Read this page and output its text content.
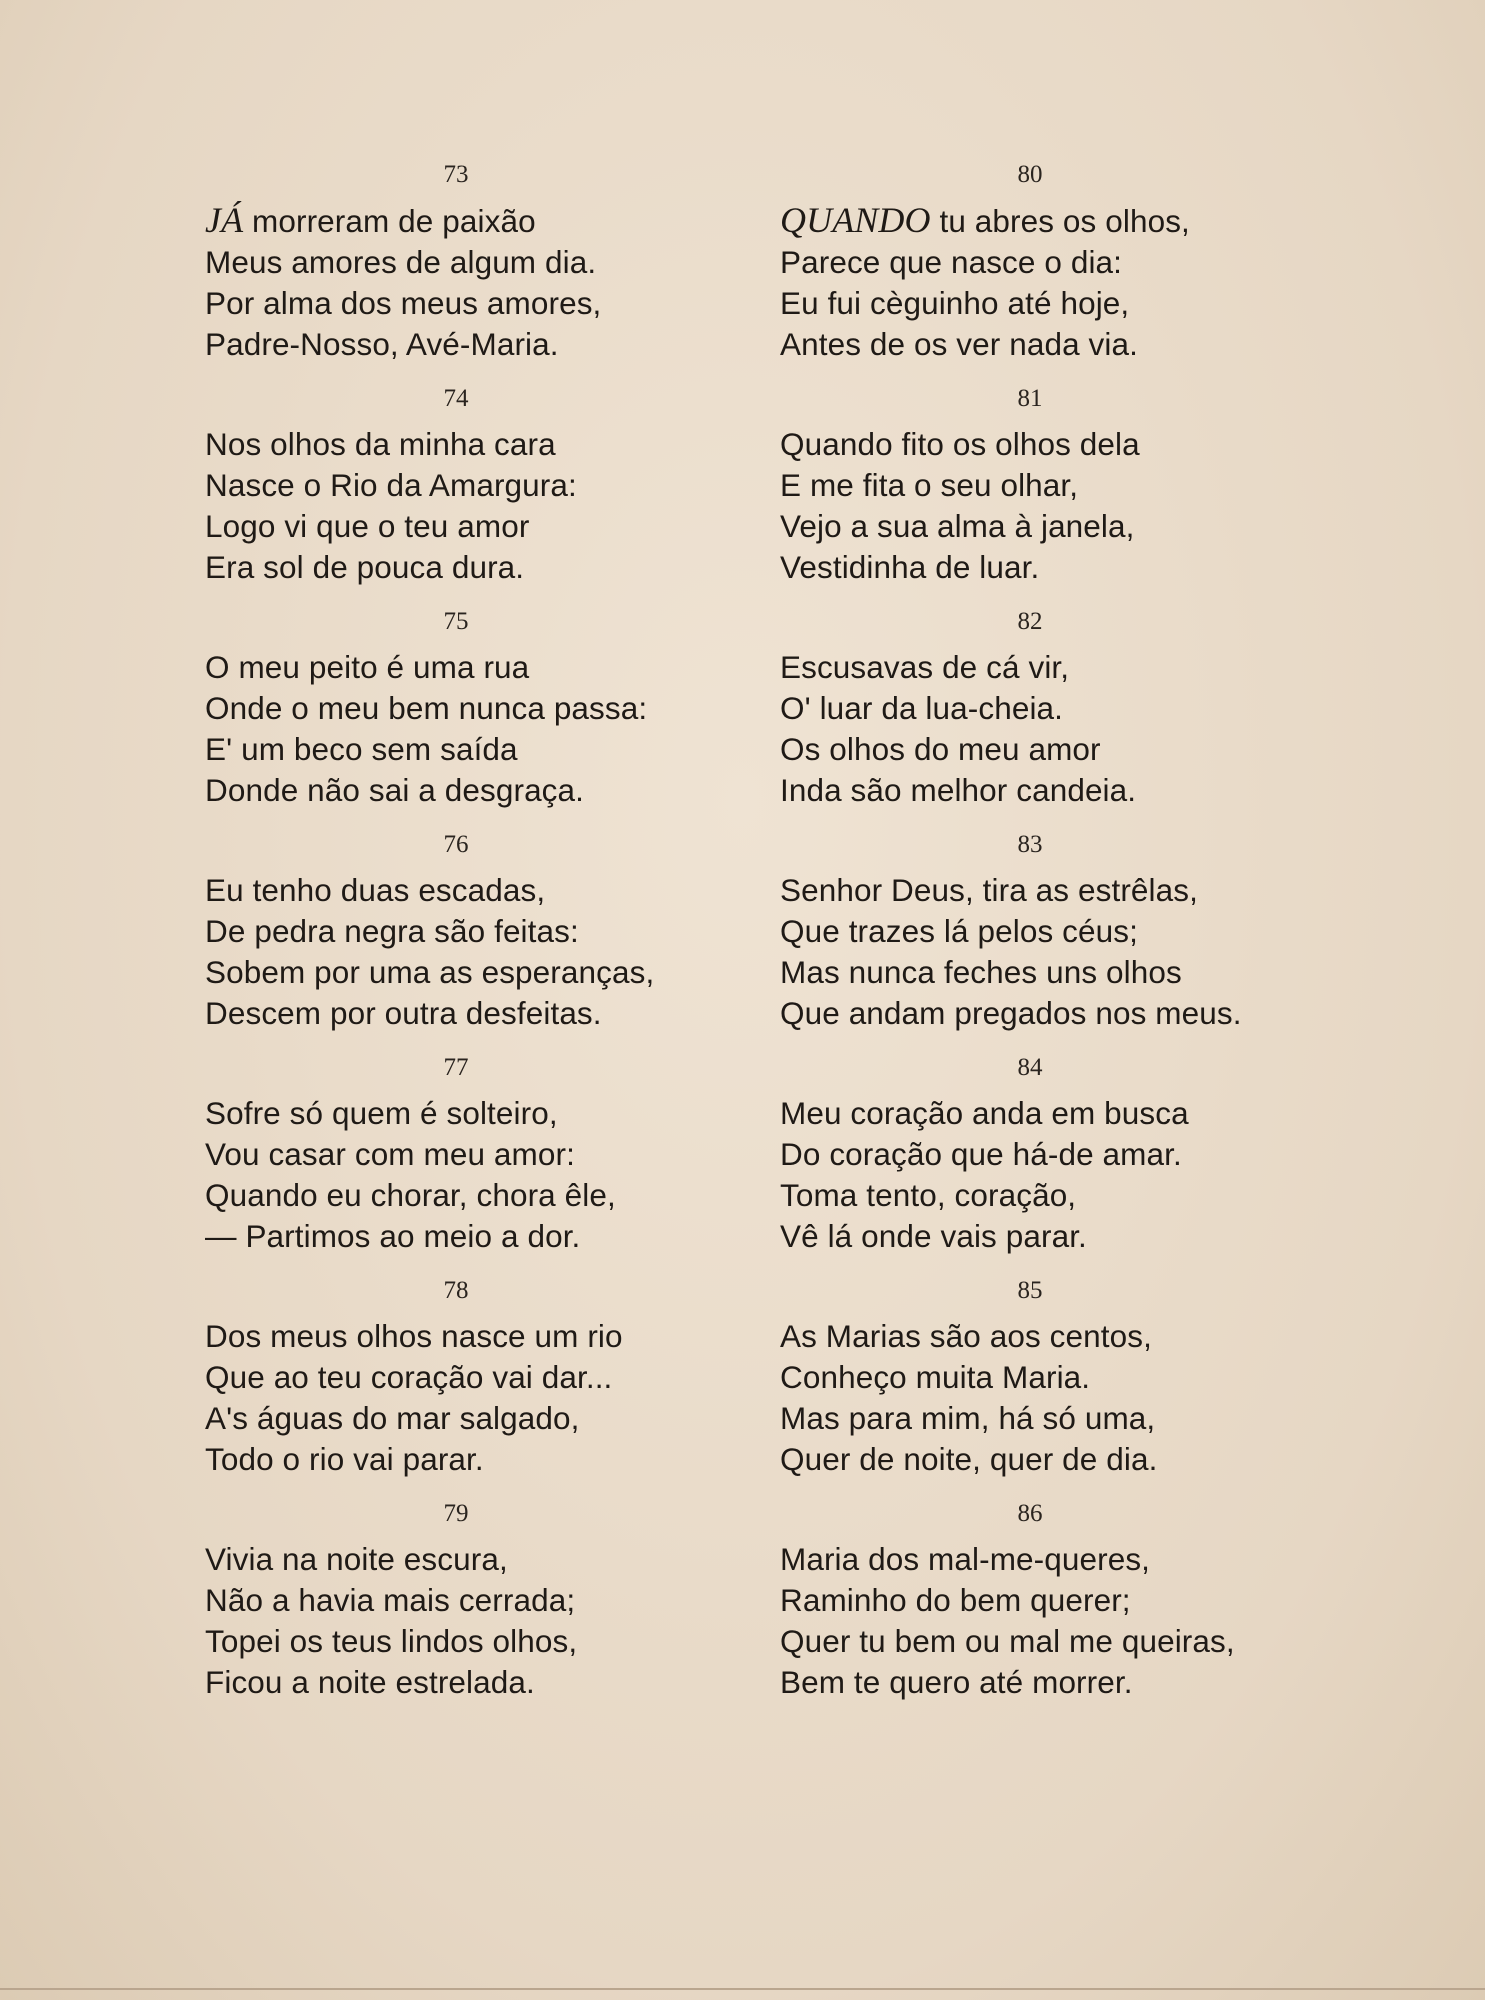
73
JÁ morreram de paixão
Meus amores de algum dia.
Por alma dos meus amores,
Padre-Nosso, Avé-Maria.
74
Nos olhos da minha cara
Nasce o Rio da Amargura:
Logo vi que o teu amor
Era sol de pouca dura.
75
O meu peito é uma rua
Onde o meu bem nunca passa:
E' um beco sem saída
Donde não sai a desgraça.
76
Eu tenho duas escadas,
De pedra negra são feitas:
Sobem por uma as esperanças,
Descem por outra desfeitas.
77
Sofre só quem é solteiro,
Vou casar com meu amor:
Quando eu chorar, chora êle,
— Partimos ao meio a dor.
78
Dos meus olhos nasce um rio
Que ao teu coração vai dar...
A's águas do mar salgado,
Todo o rio vai parar.
79
Vivia na noite escura,
Não a havia mais cerrada;
Topei os teus lindos olhos,
Ficou a noite estrelada.
80
QUANDO tu abres os olhos,
Parece que nasce o dia:
Eu fui cèguinho até hoje,
Antes de os ver nada via.
81
Quando fito os olhos dela
E me fita o seu olhar,
Vejo a sua alma à janela,
Vestidinha de luar.
82
Escusavas de cá vir,
O' luar da lua-cheia.
Os olhos do meu amor
Inda são melhor candeia.
83
Senhor Deus, tira as estrêlas,
Que trazes lá pelos céus;
Mas nunca feches uns olhos
Que andam pregados nos meus.
84
Meu coração anda em busca
Do coração que há-de amar.
Toma tento, coração,
Vê lá onde vais parar.
85
As Marias são aos centos,
Conheço muita Maria.
Mas para mim, há só uma,
Quer de noite, quer de dia.
86
Maria dos mal-me-queres,
Raminho do bem querer;
Quer tu bem ou mal me queiras,
Bem te quero até morrer.
